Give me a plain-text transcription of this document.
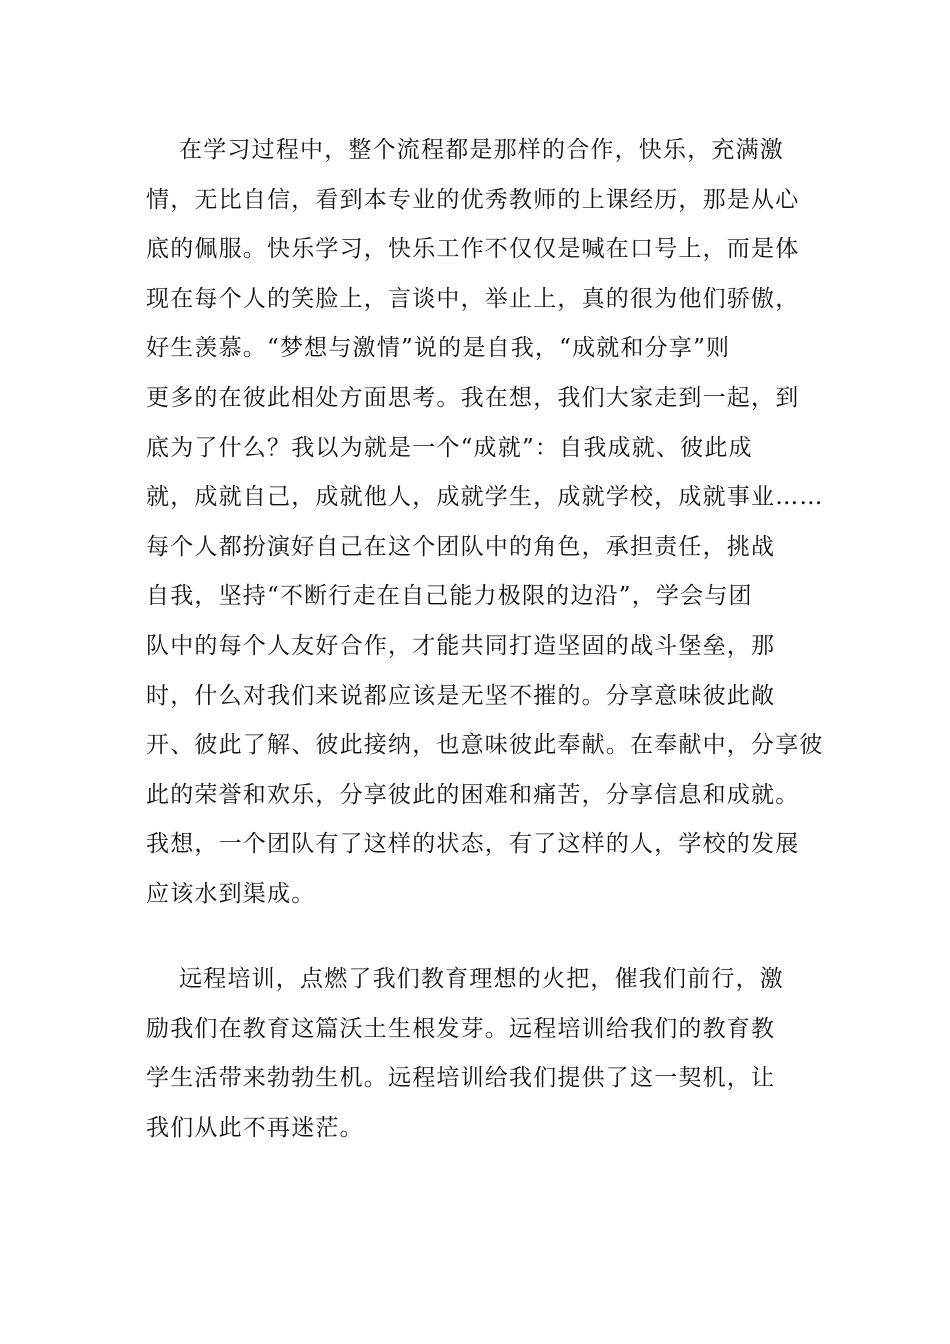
在学习过程中，整个流程都是那样的合作，快乐，充满激
情，无比自信，看到本专业的优秀教师的上课经历，那是从心
底的佩服。快乐学习，快乐工作不仅仅是喊在口号上，而是体
现在每个人的笑脸上，言谈中，举止上，真的很为他们骄傲，
好生羡慕。“梦想与激情”说的是自我，“成就和分享”则
更多的在彼此相处方面思考。我在想，我们大家走到一起，到
底为了什么？我以为就是一个“成就”：自我成就、彼此成
就，成就自己，成就他人，成就学生，成就学校，成就事业……
每个人都扮演好自己在这个团队中的角色，承担责任，挑战
自我，坚持“不断行走在自己能力极限的边沿”，学会与团
队中的每个人友好合作，才能共同打造坚固的战斗堡垒，那
时，什么对我们来说都应该是无坚不摧的。分享意味彼此敞
开、彼此了解、彼此接纳，也意味彼此奉献。在奉献中，分享彼
此的荣誉和欢乐，分享彼此的困难和痛苦，分享信息和成就。
我想，一个团队有了这样的状态，有了这样的人，学校的发展
应该水到渠成。
远程培训，点燃了我们教育理想的火把，催我们前行，激
励我们在教育这篇沃土生根发芽。远程培训给我们的教育教
学生活带来勃勃生机。远程培训给我们提供了这一契机，让
我们从此不再迷茫。
